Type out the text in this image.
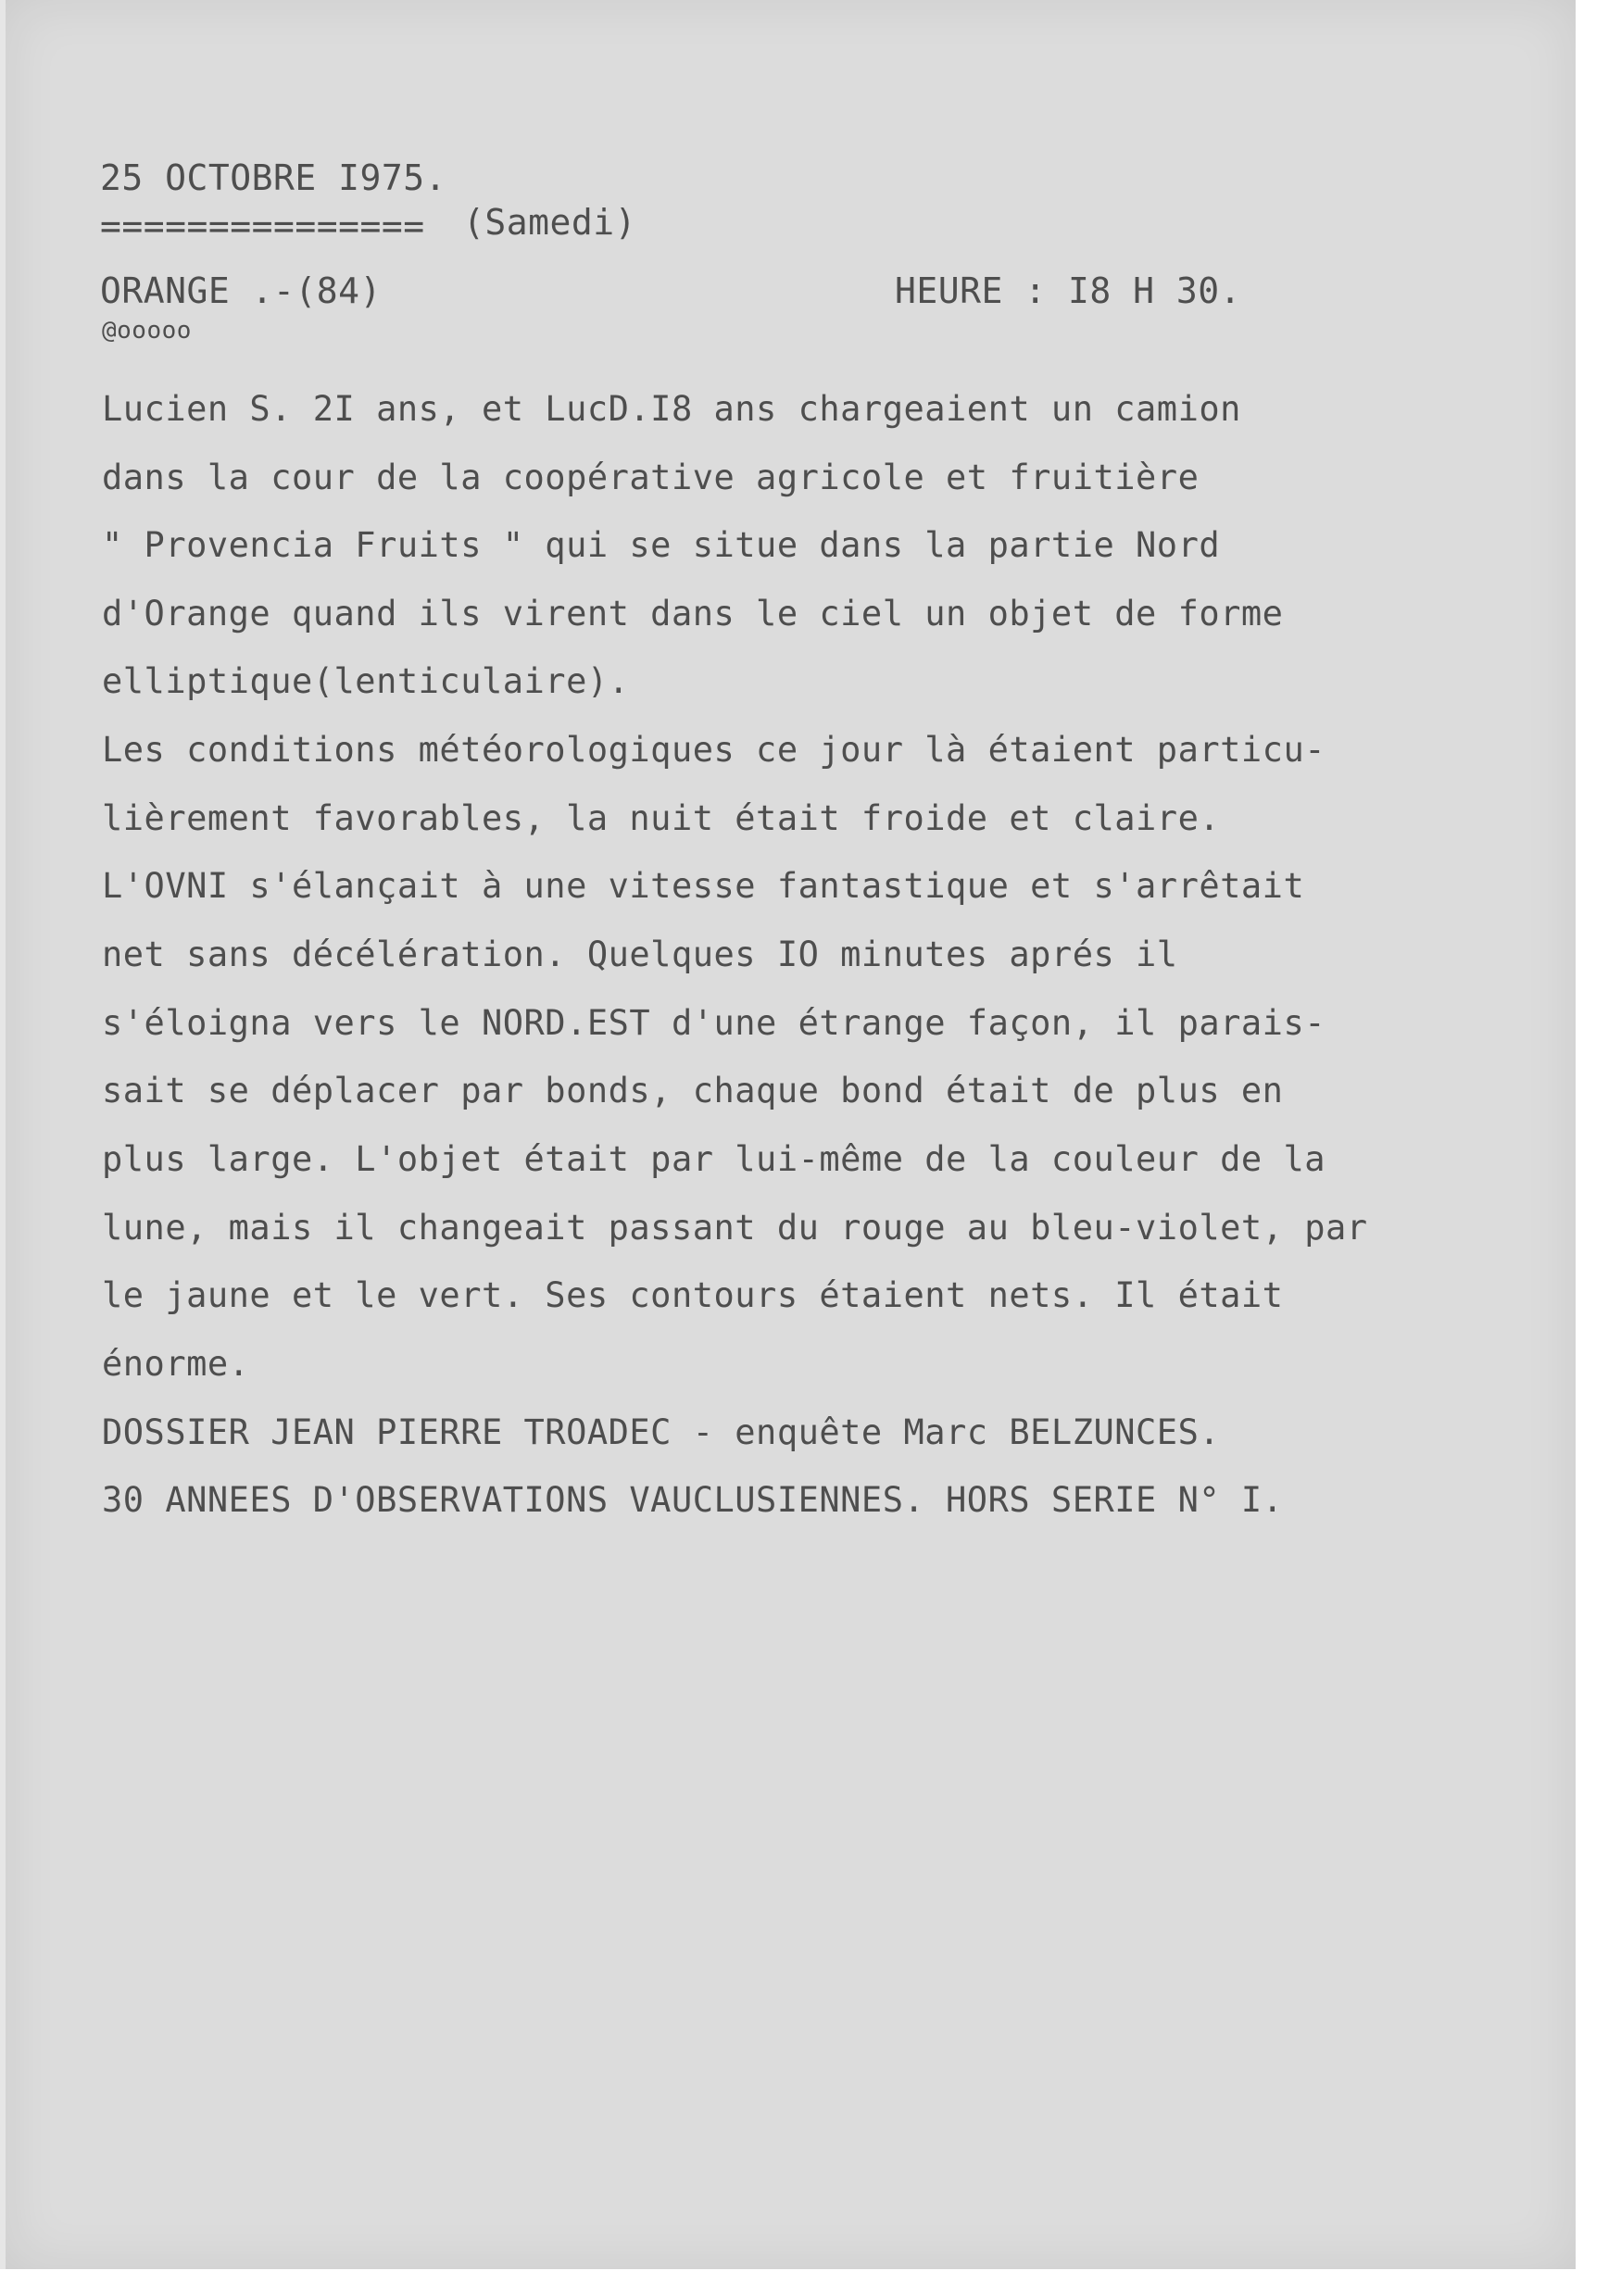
25 OCTOBRE I975.
=============== (Samedi)
ORANGE .-(84)
@ooooo
HEURE : I8 H 30.
Lucien S. 2I ans, et LucD.I8 ans chargeaient un camion
dans la cour de la coopérative agricole et fruitière
" Provencia Fruits " qui se situe dans la partie Nord
d'Orange quand ils virent dans le ciel un objet de forme
elliptique(lenticulaire).
Les conditions météorologiques ce jour là étaient particu-
lièrement favorables, la nuit était froide et claire.
L'OVNI s'élançait à une vitesse fantastique et s'arrêtait
net sans décélération. Quelques IO minutes aprés il
s'éloigna vers le NORD.EST d'une étrange façon, il parais-
sait se déplacer par bonds, chaque bond était de plus en
plus large. L'objet était par lui-même de la couleur de la
lune, mais il changeait passant du rouge au bleu-violet, par
le jaune et le vert. Ses contours étaient nets. Il était
énorme.
DOSSIER JEAN PIERRE TROADEC - enquête Marc BELZUNCES.
30 ANNEES D'OBSERVATIONS VAUCLUSIENNES. HORS SERIE N° I.
